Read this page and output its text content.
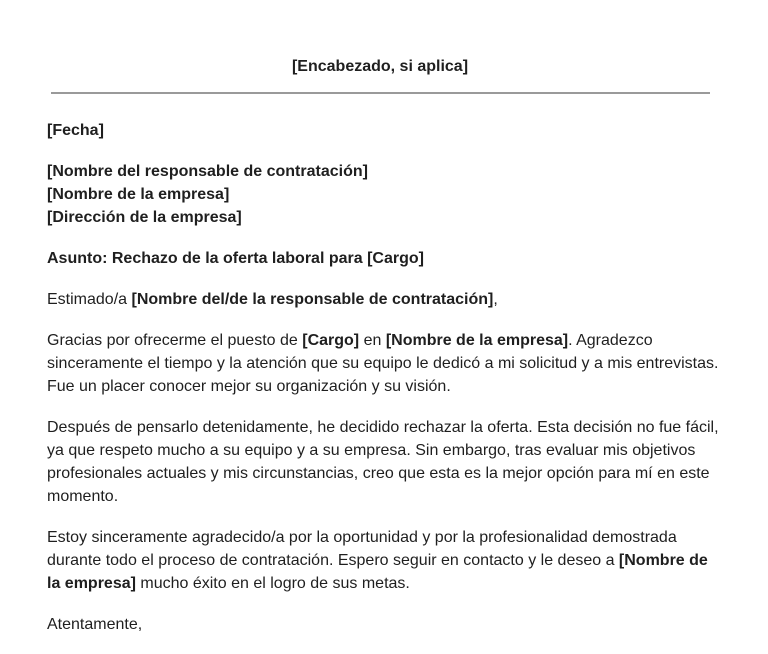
[Encabezado, si aplica]

[Fecha]

[Nombre del responsable de contratación]
[Nombre de la empresa]
[Dirección de la empresa]

Asunto: Rechazo de la oferta laboral para [Cargo]

Estimado/a [Nombre del/de la responsable de contratación],

Gracias por ofrecerme el puesto de [Cargo] en [Nombre de la empresa]. Agradezco sinceramente el tiempo y la atención que su equipo le dedicó a mi solicitud y a mis entrevistas. Fue un placer conocer mejor su organización y su visión.

Después de pensarlo detenidamente, he decidido rechazar la oferta. Esta decisión no fue fácil, ya que respeto mucho a su equipo y a su empresa. Sin embargo, tras evaluar mis objetivos profesionales actuales y mis circunstancias, creo que esta es la mejor opción para mí en este momento.

Estoy sinceramente agradecido/a por la oportunidad y por la profesionalidad demostrada durante todo el proceso de contratación. Espero seguir en contacto y le deseo a [Nombre de la empresa] mucho éxito en el logro de sus metas.

Atentamente,
